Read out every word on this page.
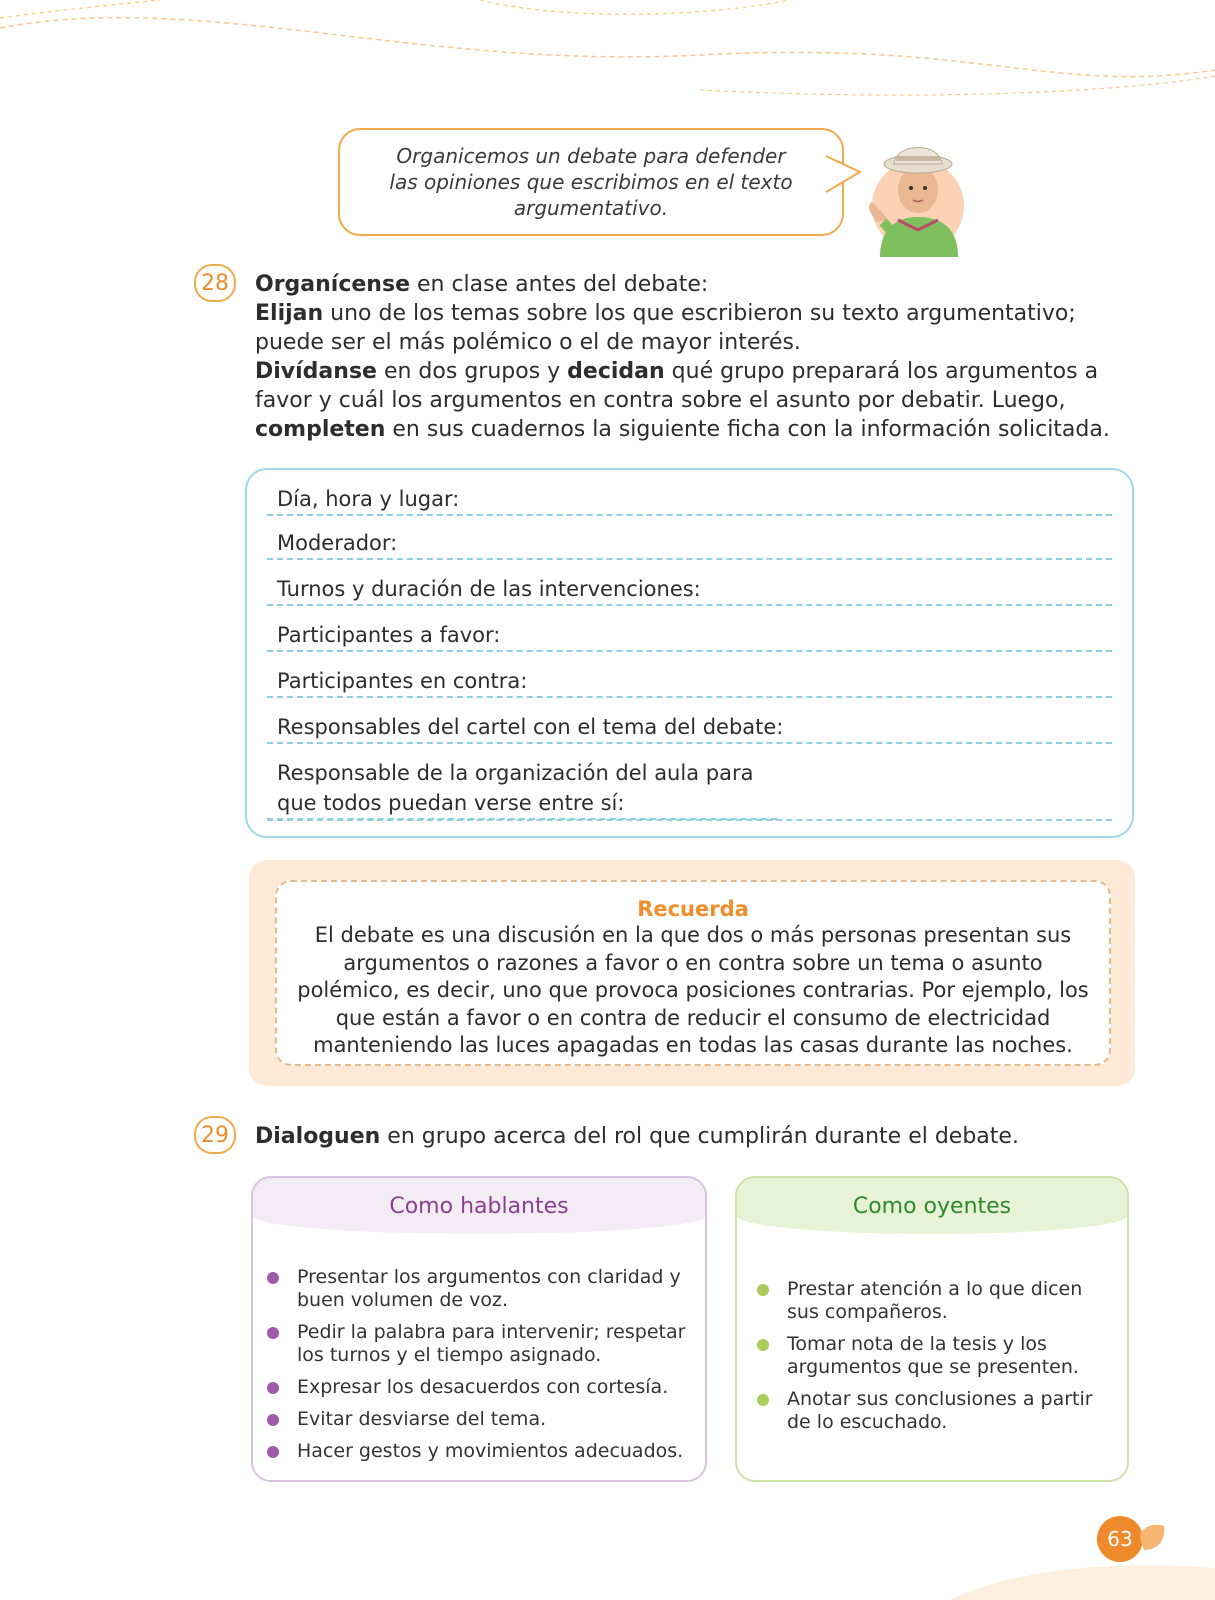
Organicemos un debate para defender las opiniones que escribimos en el texto argumentativo.
28 Organícense en clase antes del debate:
Elijan uno de los temas sobre los que escribieron su texto argumentativo; puede ser el más polémico o el de mayor interés.
Divídanse en dos grupos y decidan qué grupo preparará los argumentos a favor y cuál los argumentos en contra sobre el asunto por debatir. Luego, completen en sus cuadernos la siguiente ficha con la información solicitada.
Día, hora y lugar:
Moderador:
Turnos y duración de las intervenciones:
Participantes a favor:
Participantes en contra:
Responsables del cartel con el tema del debate:
Responsable de la organización del aula para que todos puedan verse entre sí:
Recuerda
El debate es una discusión en la que dos o más personas presentan sus argumentos o razones a favor o en contra sobre un tema o asunto polémico, es decir, uno que provoca posiciones contrarias. Por ejemplo, los que están a favor o en contra de reducir el consumo de electricidad manteniendo las luces apagadas en todas las casas durante las noches.
29 Dialoguen en grupo acerca del rol que cumplirán durante el debate.
Como hablantes
Presentar los argumentos con claridad y buen volumen de voz.
Pedir la palabra para intervenir; respetar los turnos y el tiempo asignado.
Expresar los desacuerdos con cortesía.
Evitar desviarse del tema.
Hacer gestos y movimientos adecuados.
Como oyentes
Prestar atención a lo que dicen sus compañeros.
Tomar nota de la tesis y los argumentos que se presenten.
Anotar sus conclusiones a partir de lo escuchado.
63
